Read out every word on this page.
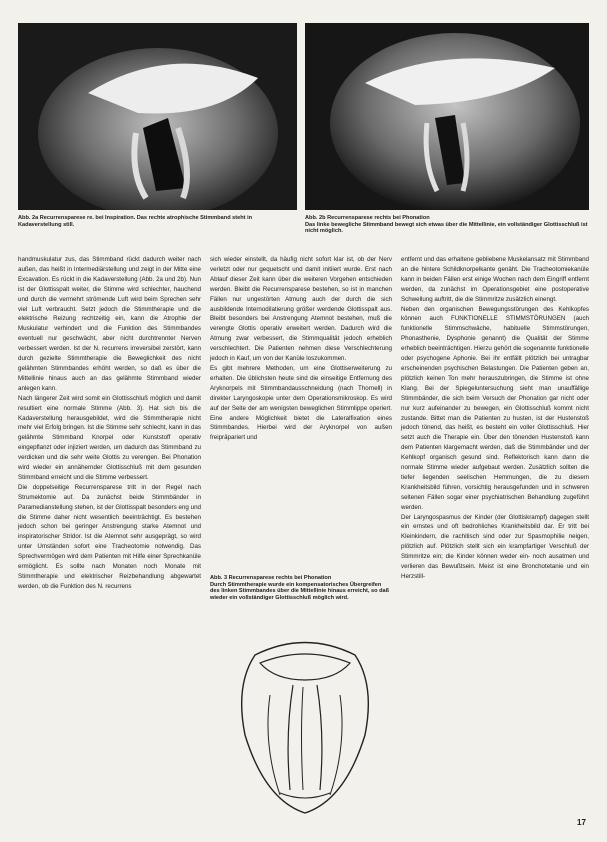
Abb. 2a Recurrensparese re. bei Inspiration. Das rechte atrophische Stimmband steht in Kadaverstellung still.
Abb. 2b Recurrensparese rechts bei Phonation
Das linke bewegliche Stimmband bewegt sich etwas über die Mittellinie, ein vollständiger Glottisschluß ist nicht möglich.

handmuskulatur zus, das Stimmband rückt dadurch weiter nach außen, das heißt in Intermediärstellung und zeigt in der Mitte eine Excavation. Es rückt in die Kadaverstellung (Abb. 2a und 2b). Nun ist der Glottisspalt weiter, die Stimme wird schlechter, hauchend und durch die vermehrt strömende Luft wird beim Sprechen sehr viel Luft verbraucht. Setzt jedoch die Stimmtherapie und die elektrische Reizung rechtzeitig ein, kann die Atrophie der Muskulatur verhindert und die Funktion des Stimmbandes eventuell nur geschwächt, aber nicht durchtrennter Nerven verbessert werden. Ist der N. recurrens irreversibel zerstört, kann durch gezielte Stimmtherapie die Beweglichkeit des nicht gelähmten Stimmbandes erhöht werden, so daß es über die Mittellinie hinaus auch an das gelähmte Stimmband wieder anlegen kann.

Nach längerer Zeit wird somit ein Glottisschluß möglich und damit resultiert eine normale Stimme (Abb. 3). Hat sich bis die Kadaverstellung herausgebildet, wird die Stimmtherapie nicht mehr viel Erfolg bringen. Ist die Stimme sehr schlecht, kann in das gelähmte Stimmband Knorpel oder Kunststoff operativ eingepflanzt oder injiziert werden, um dadurch das Stimmband zu verdicken und die sehr weite Glottis zu verengen. Bei Phonation wird wieder ein annähernder Glottisschluß mit dem gesunden Stimmband erreicht und die Stimme verbessert.

Die doppelseitige Recurrensparese tritt in der Regel nach Strumektomie auf. Da zunächst beide Stimmbänder in Paramedianstellung stehen, ist der Glottisspalt besonders eng und die Stimme daher nicht wesentlich beeinträchtigt. Es bestehen jedoch schon bei geringer Anstrengung starke Atemnot und inspiratorischer Stridor. Ist die Atemnot sehr ausgeprägt, so wird unter Umständen sofort eine Tracheotomie notwendig. Das Sprechvermögen wird dem Patienten mit Hilfe einer Sprechkanüle ermöglicht. Es sollte nach Monaten noch Monate mit Stimmtherapie und elektrischer Reizbehandlung abgewartet werden, ob die Funktion des N. recurrens

sich wieder einstellt, da häufig nicht sofort klar ist, ob der Nerv verletzt oder nur gequetscht und damit initiiert wurde. Erst nach Ablauf dieser Zeit kann über die weiteren Vorgehen entschieden werden. Bleibt die Recurrensparese bestehen, so ist in manchen Fällen nur ungestörten Atmung auch der durch die sich ausbildende Internodilatierung größer werdende Glottisspalt aus. Bleibt besonders bei Anstrengung Atemnot bestehen, muß die verengte Glottis operativ erweitert werden. Dadurch wird die Atmung zwar verbessert, die Stimmqualität jedoch erheblich verschlechtert. Die Patienten nehmen diese Verschlechterung jedoch in Kauf, um von der Kanüle loszukommen.

Es gibt mehrere Methoden, um eine Glottiserweiterung zu erhalten. Die üblichsten heute sind die einseitige Entfernung des Aryknorpels mit Stimmbandausschneidung (nach Thornell) in direkter Laryngoskopie unter dem Operationsmikroskop. Es wird auf der Seite der am wenigsten beweglichen Stimmlippe operiert. Eine andere Möglichkeit bietet die Lateralfixation eines Stimmbandes. Hierbei wird der Aryknorpel von außen freipräpariert und

Abb. 3 Recurrensparese rechts bei Phonation
Durch Stimmtherapie wurde ein kompensatorisches Übergreifen des linken Stimmbandes über die Mittellinie hinaus erreicht, so daß wieder ein vollständiger Glottisschluß möglich wird.

entfernt und das erhaltene gebliebene Muskelansatz mit Stimmband an die hintere Schildknorpelkante genäht. Die Tracheotomiekanüle kann in beiden Fällen erst einige Wochen nach dem Eingriff entfernt werden, da zunächst im Operationsgebiet eine postoperative Schwellung auftritt, die die Stimmritze zusätzlich einengt.

Neben den organischen Bewegungsstörungen des Kehlkopfes können auch FUNKTIONELLE STIMMSTÖRUNGEN (auch funktionelle Stimmschwäche, habituelle Stimmstörungen, Phonasthenie, Dysphonie genannt) die Qualität der Stimme erheblich beeinträchtigen. Hierzu gehört die sogenannte funktionelle oder psychogene Aphonie. Bei ihr entfällt plötzlich bei untragbar erscheinenden psychischen Belastungen. Die Patienten geben an, plötzlich keinen Ton mehr herauszubringen, die Stimme ist ohne Klang. Bei der Spiegeluntersuchung sieht man unauffällige Stimmbänder, die sich beim Versuch der Phonation gar nicht oder nur kurz aufeinander zu bewegen, ein Glottisschluß kommt nicht zustande. Bittet man die Patienten zu husten, ist der Hustenstoß jedoch tönend, das heißt, es besteht ein voller Glottisschluß. Hier setzt auch die Therapie ein. Über den tönenden Hustenstoß kann dem Patienten klargemacht werden, daß die Stimmbänder und der Kehlkopf organisch gesund sind. Reflektorisch kann dann die normale Stimme wieder aufgebaut werden. Zusätzlich sollten die tiefer liegenden seelischen Hemmungen, die zu diesem Krankheitsbild führen, vorsichtig herausgefunden und in schweren seltenen Fällen sogar einer psychiatrischen Behandlung zugeführt werden.

Der Laryngospasmus der Kinder (der Glottiskrampf) dagegen stellt ein ernstes und oft bedrohliches Krankheitsbild dar. Er tritt bei Kleinkindern, die rachitisch sind oder zur Spasmophilie neigen, plötzlich auf. Plötzlich stellt sich ein krampfartiger Verschluß der Stimmritze ein; die Kinder können weder ein- noch ausatmen und verlieren das Bewußtsein. Meist ist eine Bronchotetanie und ein Herzstill-

17
